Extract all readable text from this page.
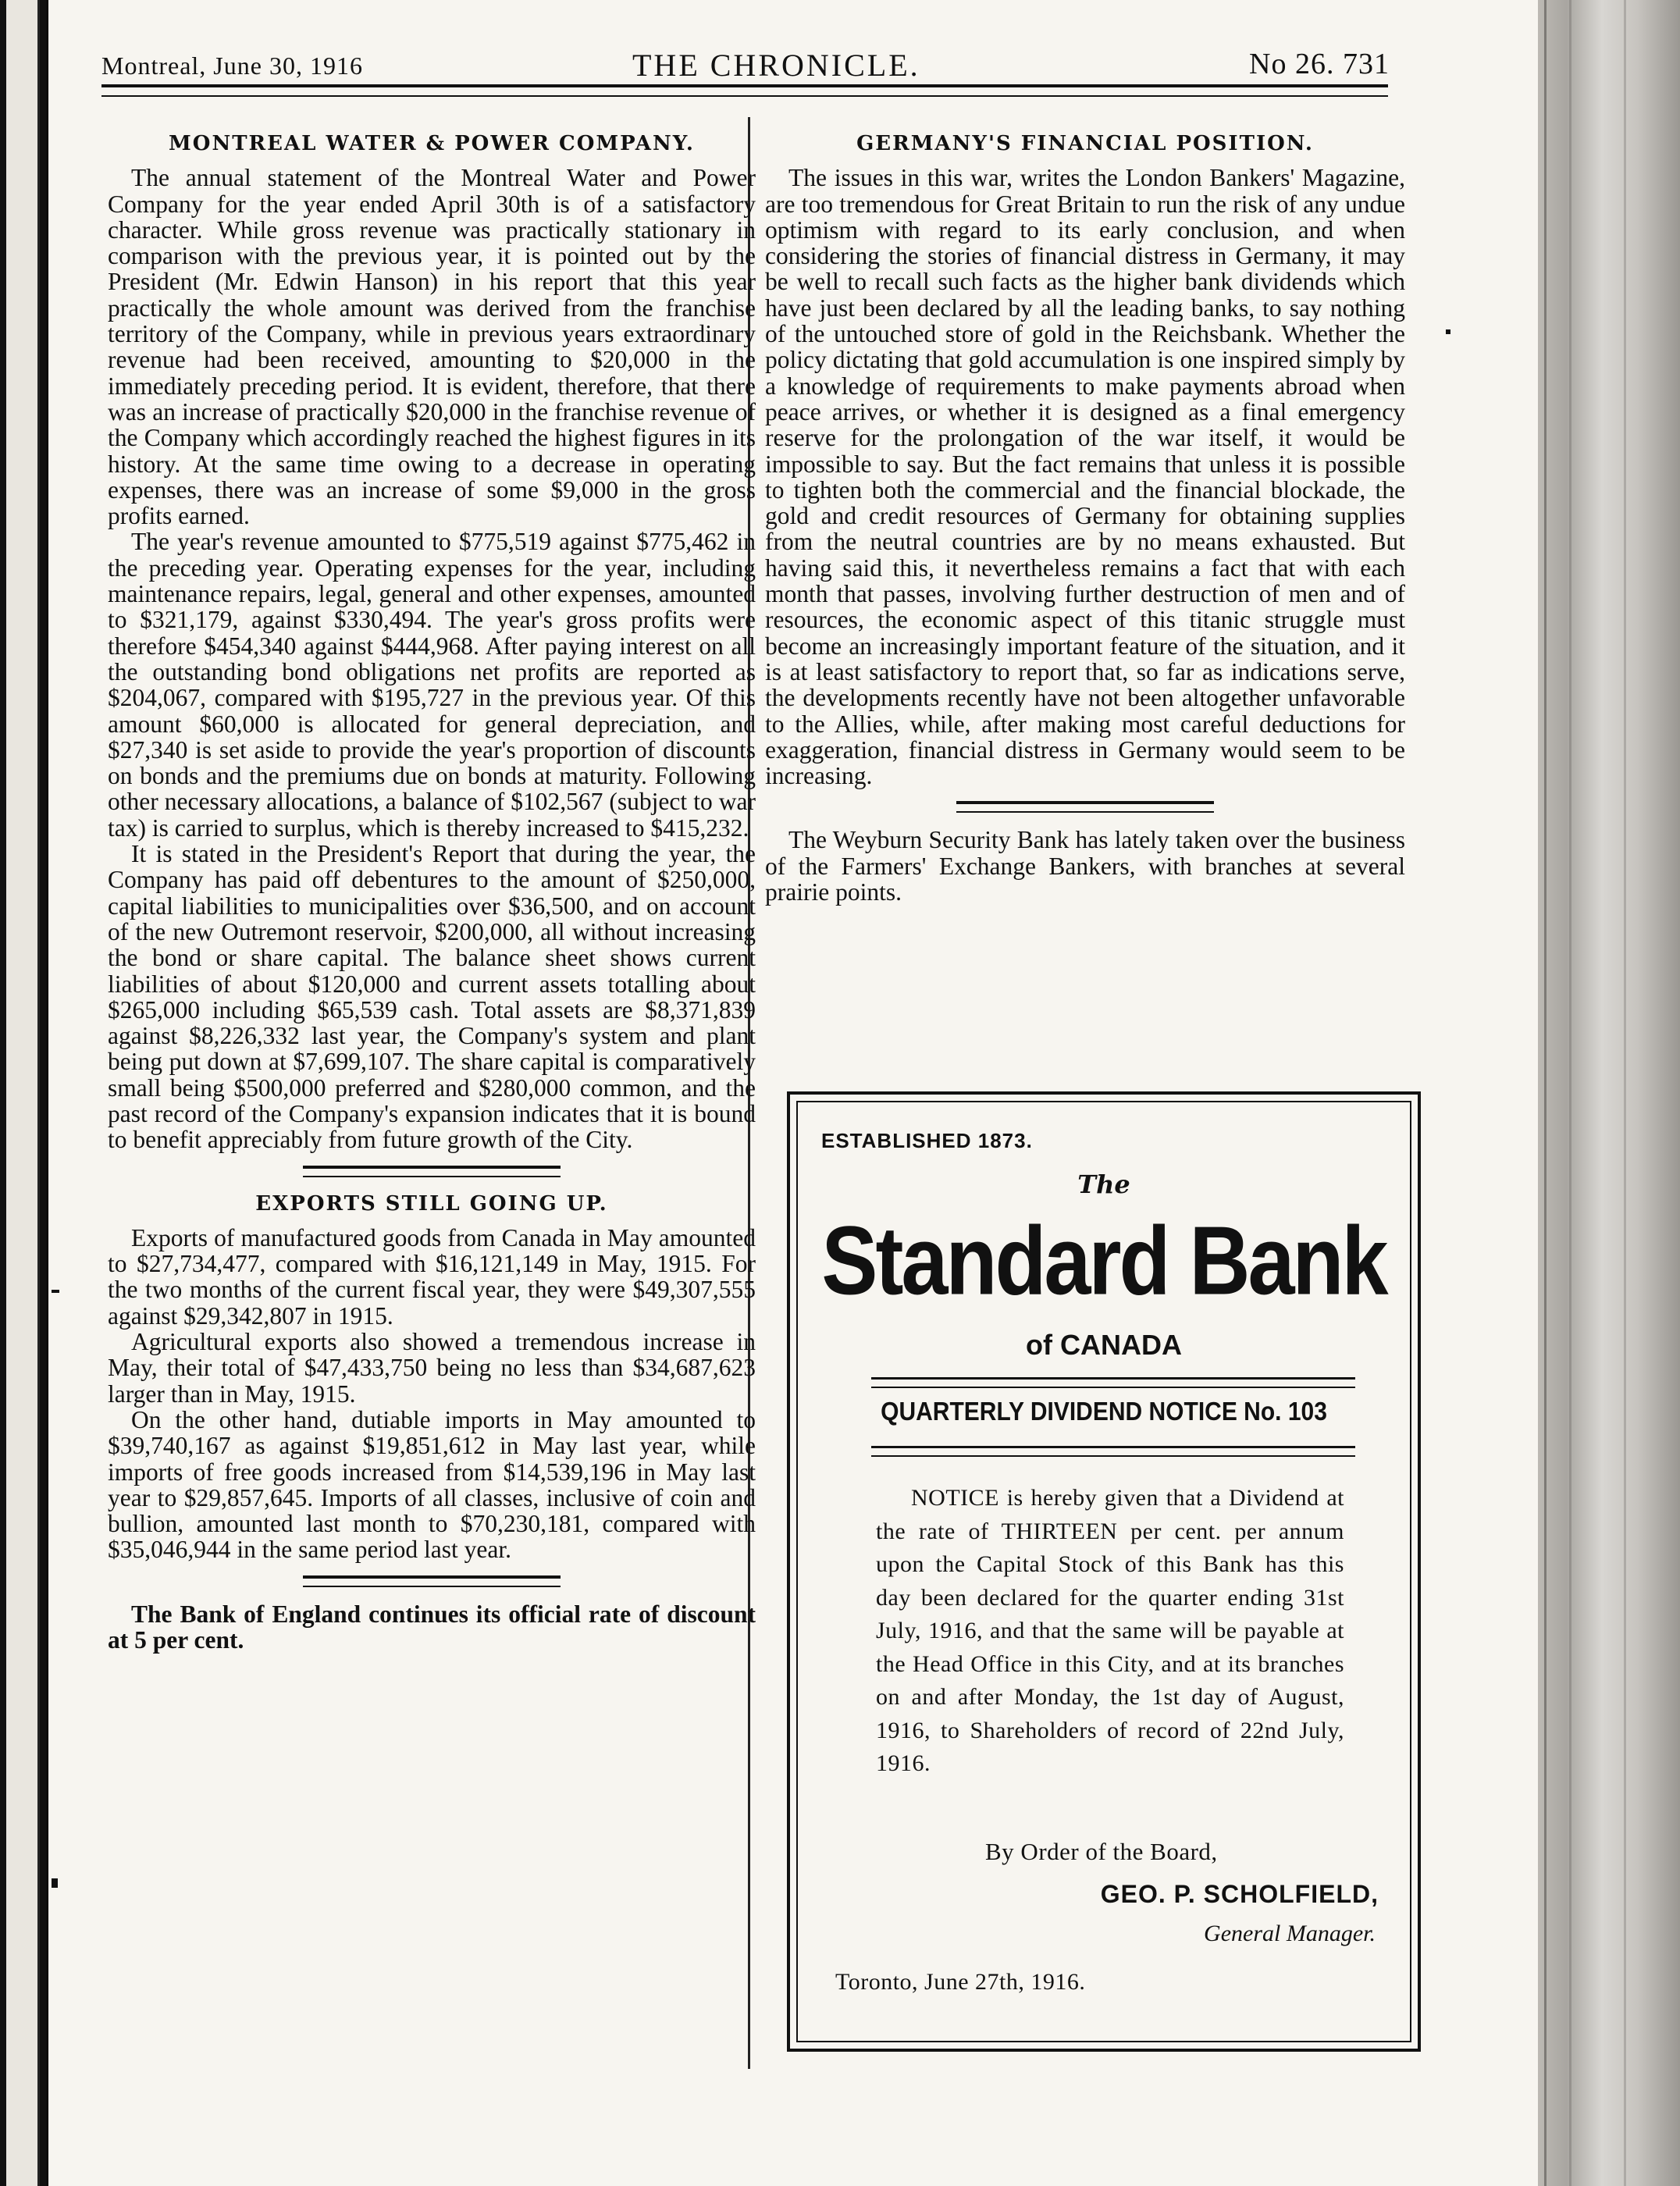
Montreal, June 30, 1916	THE CHRONICLE.	No 26. 731
MONTREAL WATER & POWER COMPANY.

The annual statement of the Montreal Water and Power Company for the year ended April 30th is of a satisfactory character. While gross revenue was practically stationary in comparison with the previous year, it is pointed out by the President (Mr. Edwin Hanson) in his report that this year practically the whole amount was derived from the franchise territory of the Company, while in previous years extraordinary revenue had been received, amounting to $20,000 in the immediately preceding period. It is evident, therefore, that there was an increase of practically $20,000 in the franchise revenue of the Company which accordingly reached the highest figures in its history. At the same time owing to a decrease in operating expenses, there was an increase of some $9,000 in the gross profits earned.

The year's revenue amounted to $775,519 against $775,462 in the preceding year. Operating expenses for the year, including maintenance repairs, legal, general and other expenses, amounted to $321,179, against $330,494. The year's gross profits were therefore $454,340 against $444,968. After paying interest on all the outstanding bond obligations net profits are reported as $204,067, compared with $195,727 in the previous year. Of this amount $60,000 is allocated for general depreciation, and $27,340 is set aside to provide the year's proportion of discounts on bonds and the premiums due on bonds at maturity. Following other necessary allocations, a balance of $102,567 (subject to war tax) is carried to surplus, which is thereby increased to $415,232.

It is stated in the President's Report that during the year, the Company has paid off debentures to the amount of $250,000, capital liabilities to municipalities over $36,500, and on account of the new Outremont reservoir, $200,000, all without increasing the bond or share capital. The balance sheet shows current liabilities of about $120,000 and current assets totalling about $265,000 including $65,539 cash. Total assets are $8,371,839 against $8,226,332 last year, the Company's system and plant being put down at $7,699,107. The share capital is comparatively small being $500,000 preferred and $280,000 common, and the past record of the Company's expansion indicates that it is bound to benefit appreciably from future growth of the City.

EXPORTS STILL GOING UP.

Exports of manufactured goods from Canada in May amounted to $27,734,477, compared with $16,121,149 in May, 1915. For the two months of the current fiscal year, they were $49,307,555 against $29,342,807 in 1915.

Agricultural exports also showed a tremendous increase in May, their total of $47,433,750 being no less than $34,687,623 larger than in May, 1915.

On the other hand, dutiable imports in May amounted to $39,740,167 as against $19,851,612 in May last year, while imports of free goods increased from $14,539,196 in May last year to $29,857,645. Imports of all classes, inclusive of coin and bullion, amounted last month to $70,230,181, compared with $35,046,944 in the same period last year.

The Bank of England continues its official rate of discount at 5 per cent.

GERMANY'S FINANCIAL POSITION.

The issues in this war, writes the London Bankers' Magazine, are too tremendous for Great Britain to run the risk of any undue optimism with regard to its early conclusion, and when considering the stories of financial distress in Germany, it may be well to recall such facts as the higher bank dividends which have just been declared by all the leading banks, to say nothing of the untouched store of gold in the Reichsbank. Whether the policy dictating that gold accumulation is one inspired simply by a knowledge of requirements to make payments abroad when peace arrives, or whether it is designed as a final emergency reserve for the prolongation of the war itself, it would be impossible to say. But the fact remains that unless it is possible to tighten both the commercial and the financial blockade, the gold and credit resources of Germany for obtaining supplies from the neutral countries are by no means exhausted. But having said this, it nevertheless remains a fact that with each month that passes, involving further destruction of men and of resources, the economic aspect of this titanic struggle must become an increasingly important feature of the situation, and it is at least satisfactory to report that, so far as indications serve, the developments recently have not been altogether unfavorable to the Allies, while, after making most careful deductions for exaggeration, financial distress in Germany would seem to be increasing.

The Weyburn Security Bank has lately taken over the business of the Farmers' Exchange Bankers, with branches at several prairie points.

ESTABLISHED 1873.
The
Standard Bank
of CANADA
QUARTERLY DIVIDEND NOTICE No. 103

NOTICE is hereby given that a Dividend at the rate of THIRTEEN per cent. per annum upon the Capital Stock of this Bank has this day been declared for the quarter ending 31st July, 1916, and that the same will be payable at the Head Office in this City, and at its branches on and after Monday, the 1st day of August, 1916, to Shareholders of record of 22nd July, 1916.

By Order of the Board,
GEO. P. SCHOLFIELD,
General Manager.
Toronto, June 27th, 1916.
